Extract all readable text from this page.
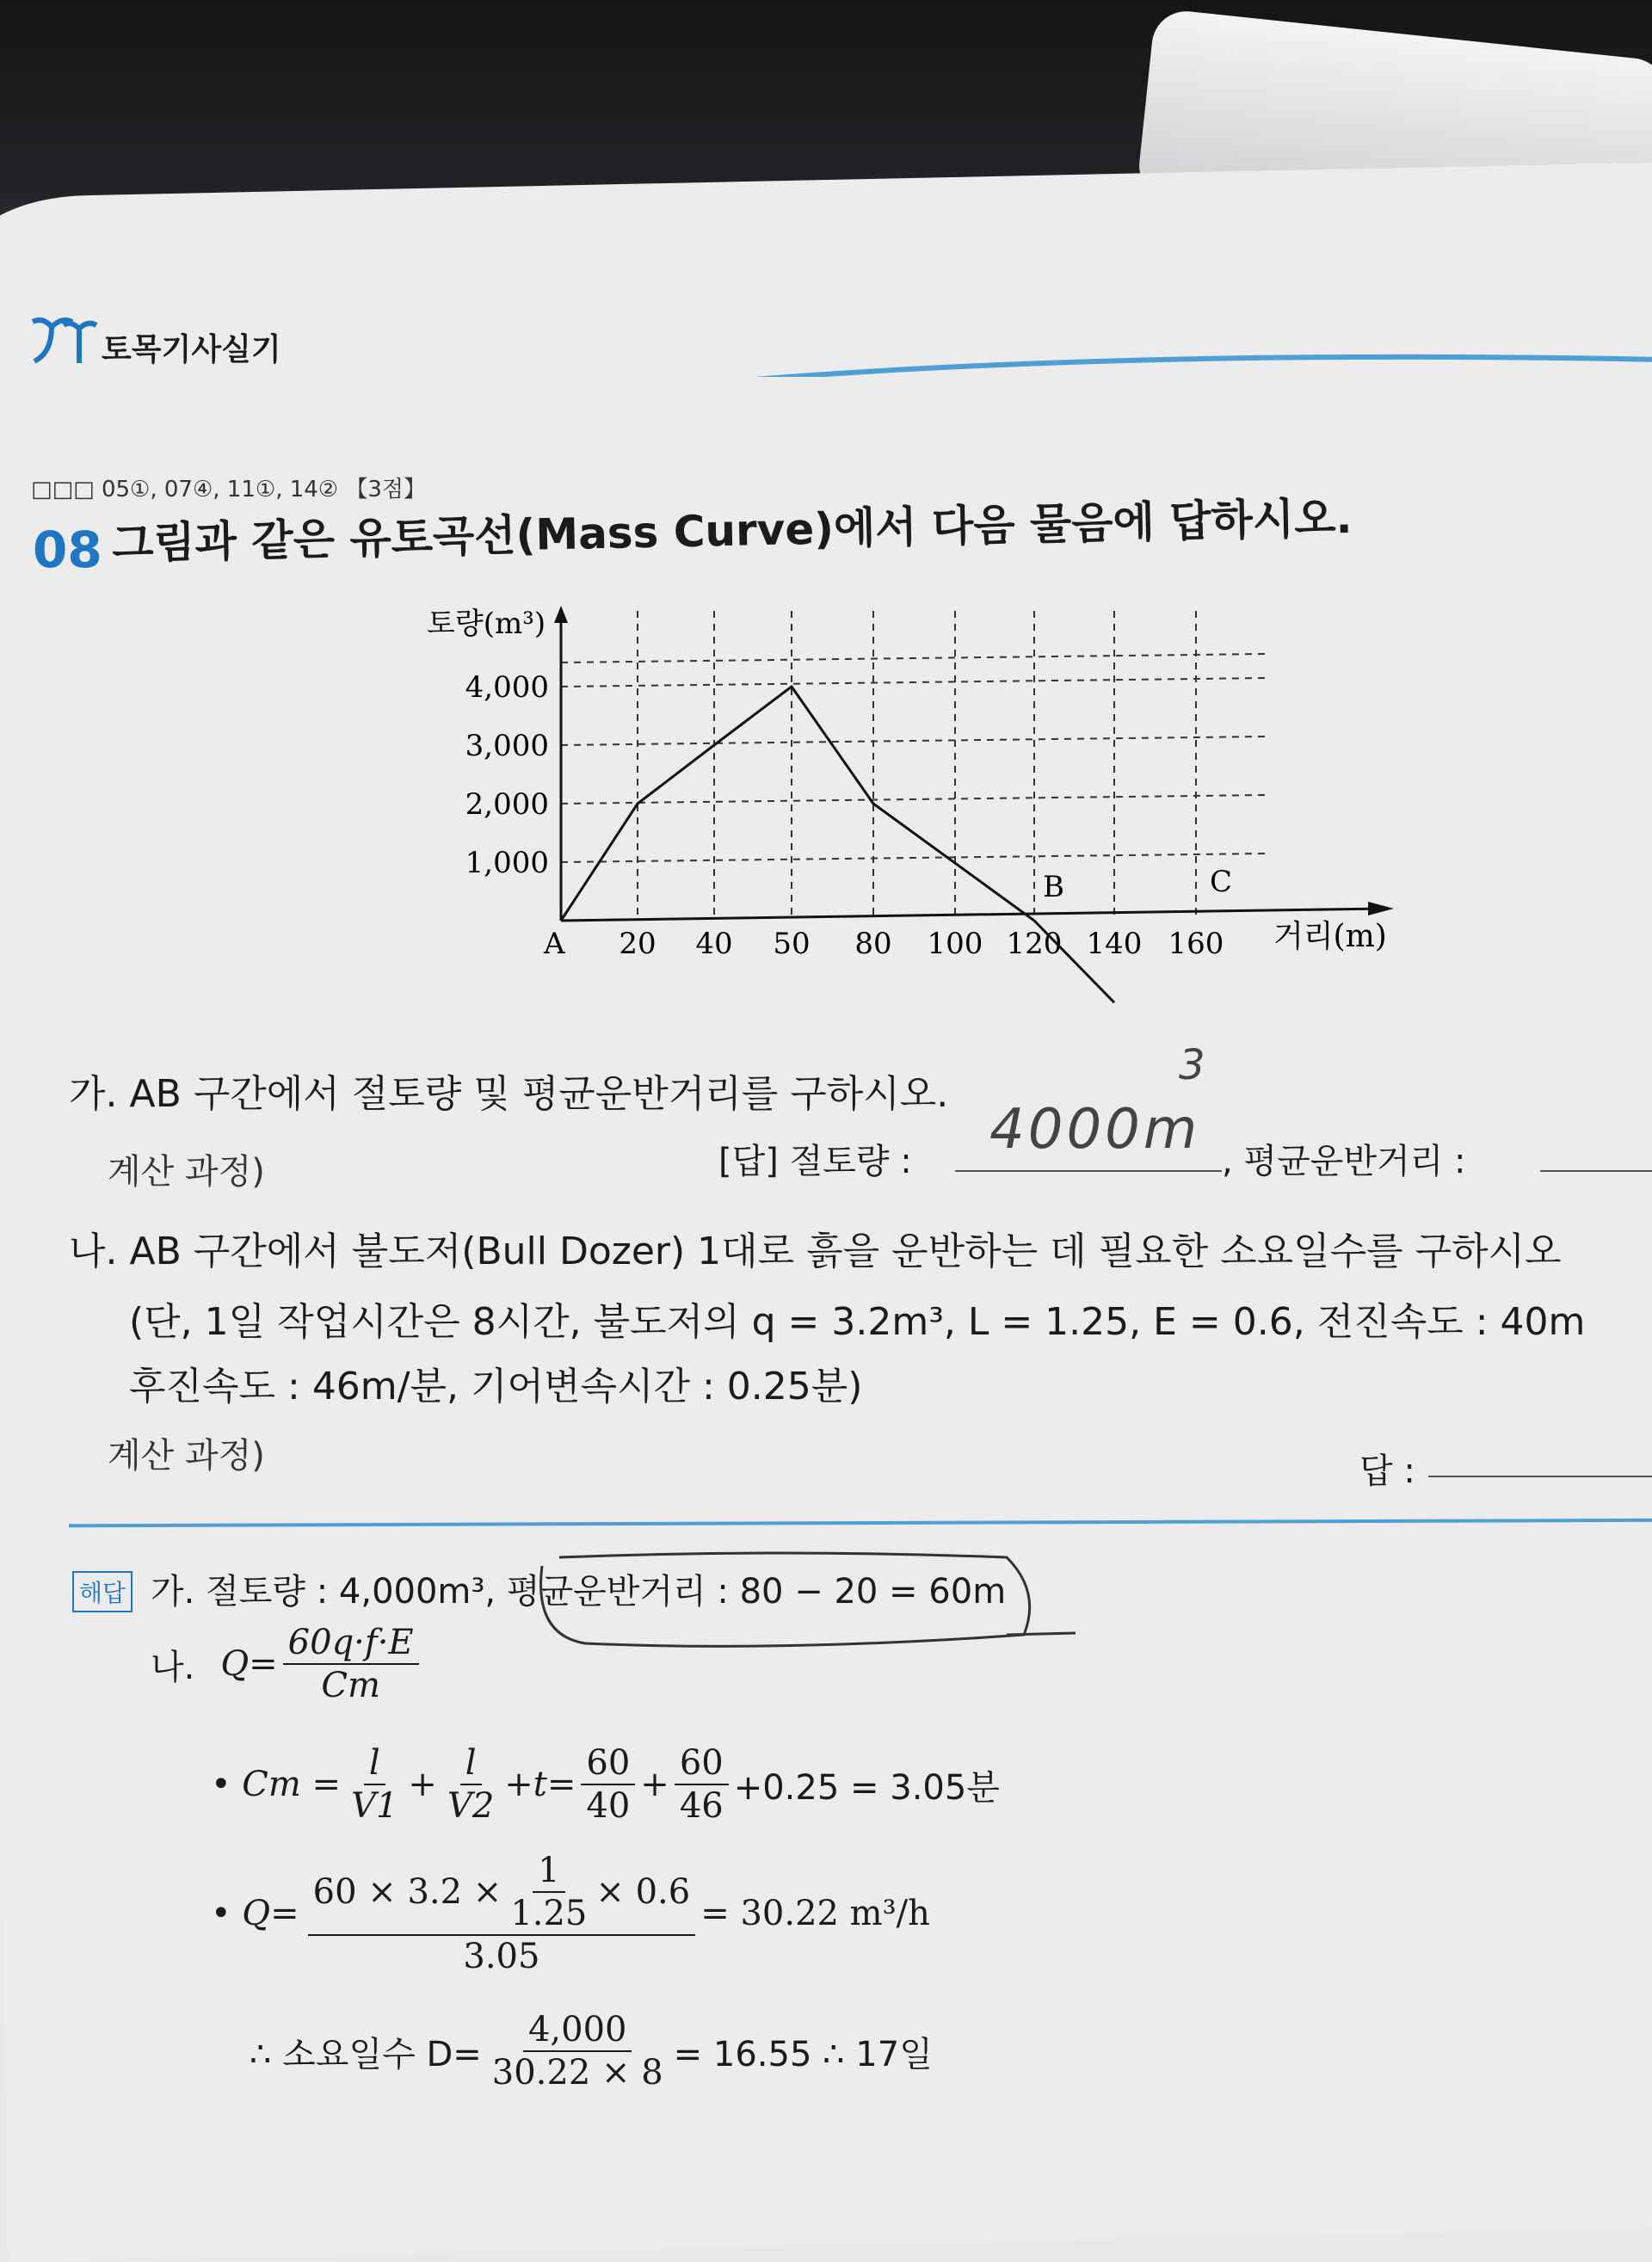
토목기사실기
□□□ 05①, 07④, 11①, 14② 【3점】
08 그림과 같은 유토곡선(Mass Curve)에서 다음 물음에 답하시오.
20 40 50 80 100 120 140 160
1,000
2,000
3,000
4,000
A
B	C
토량(m³)
거리(m)
가. AB 구간에서 절토량 및 평균운반거리를 구하시오.
계산 과정)	[답] 절토량 : 4000m
3
, 평균운반거리 :
나. AB 구간에서 불도저(Bull Dozer) 1대로 흙을 운반하는 데 필요한 소요일수를 구하시오
(단, 1일 작업시간은 8시간, 불도저의 q = 3.2m³, L = 1.25, E = 0.6, 전진속도 : 40m
후진속도 : 46m/분, 기어변속시간 : 0.25분)
계산 과정)	답 :
해답 가. 절토량 : 4,000m³, 평균운반거리 : 80 − 20 = 60m
나. $Q= \frac{60q\cdot f\cdot E}{Cm}$
• $Cm = \frac{l}{V1} + \frac{l}{V2} +t= \frac{60}{40} + \frac{60}{46} +0.25 = 3.05$분
• $Q= \frac{60 \times 3.2 \times \frac{1}{1.25} \times 0.6}{3.05} = 30.22$ m³/h
∴ 소요일수 $D= \frac{4,000}{30.22 \times 8} = 16.55$ ∴ 17일
